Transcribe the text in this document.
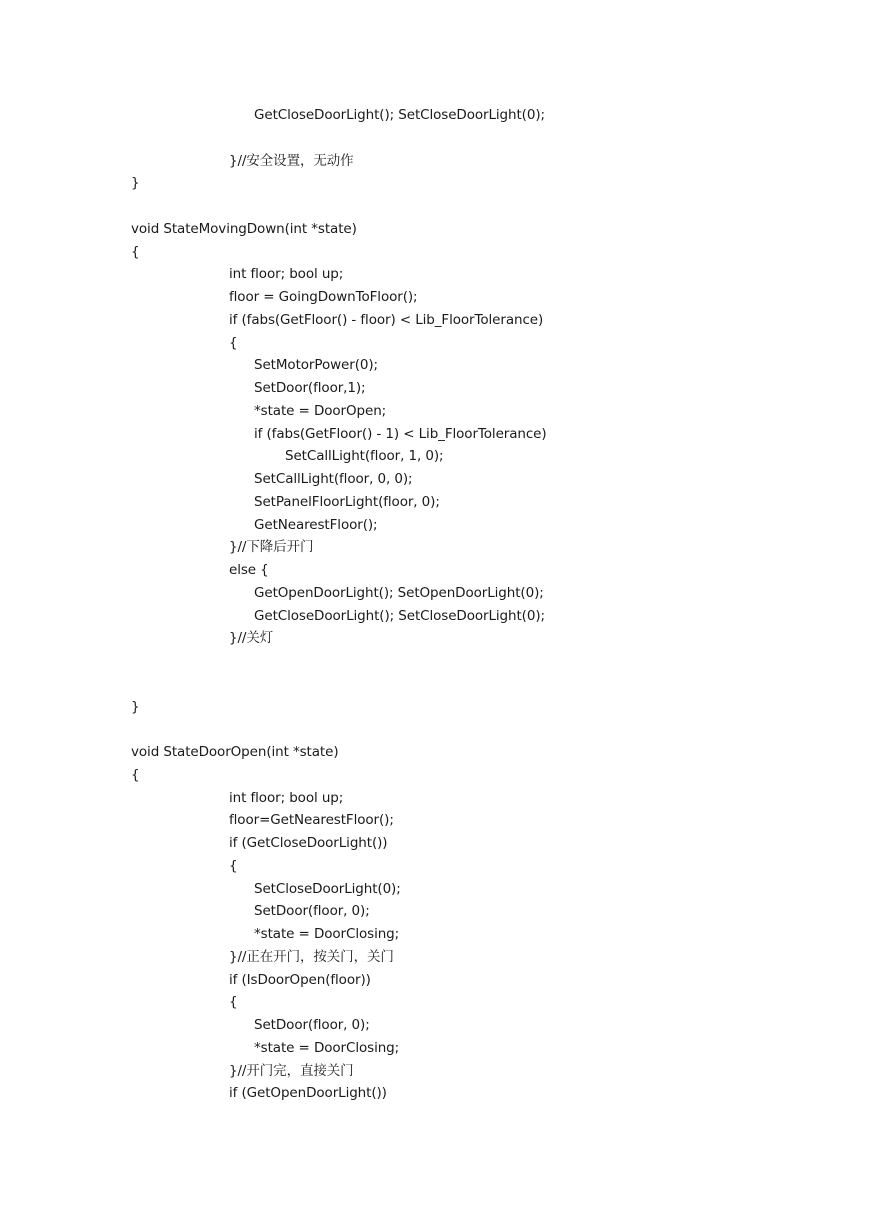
GetCloseDoorLight(); SetCloseDoorLight(0);
}//安全设置，无动作
}
void StateMovingDown(int *state)
{
int floor; bool up;
floor = GoingDownToFloor();
if (fabs(GetFloor() - floor) < Lib_FloorTolerance)
{
SetMotorPower(0);
SetDoor(floor,1);
*state = DoorOpen;
if (fabs(GetFloor() - 1) < Lib_FloorTolerance)
SetCallLight(floor, 1, 0);
SetCallLight(floor, 0, 0);
SetPanelFloorLight(floor, 0);
GetNearestFloor();
}//下降后开门
else {
GetOpenDoorLight(); SetOpenDoorLight(0);
GetCloseDoorLight(); SetCloseDoorLight(0);
}//关灯
}
void StateDoorOpen(int *state)
{
int floor; bool up;
floor=GetNearestFloor();
if (GetCloseDoorLight())
{
SetCloseDoorLight(0);
SetDoor(floor, 0);
*state = DoorClosing;
}//正在开门，按关门，关门
if (IsDoorOpen(floor))
{
SetDoor(floor, 0);
*state = DoorClosing;
}//开门完，直接关门
if (GetOpenDoorLight())
